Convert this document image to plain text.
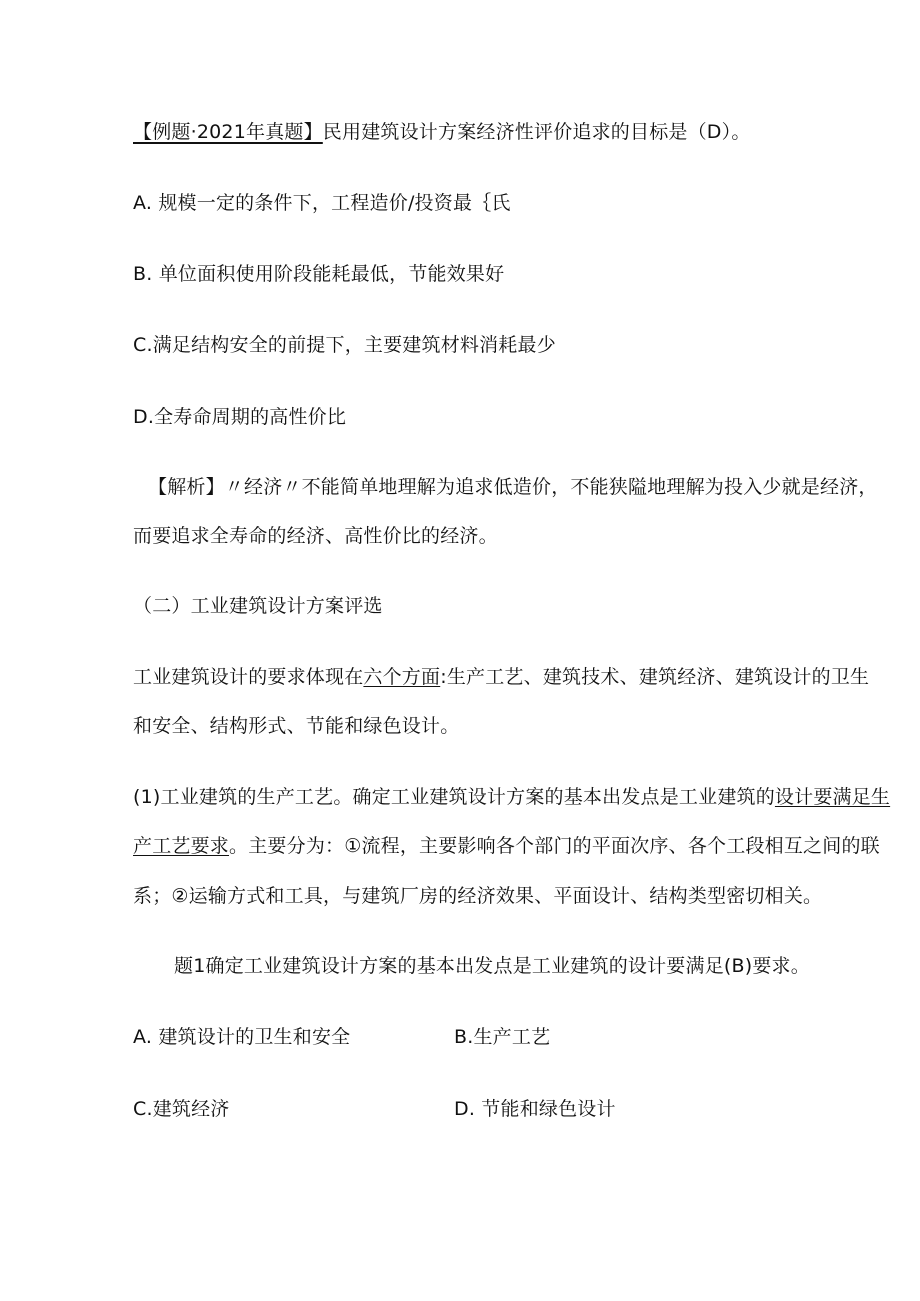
【例题·2021年真题】民用建筑设计方案经济性评价追求的目标是（D）。
A. 规模一定的条件下，工程造价/投资最｛氏
B. 单位面积使用阶段能耗最低，节能效果好
C.满足结构安全的前提下，主要建筑材料消耗最少
D.全寿命周期的高性价比
【解析】〃经济〃不能简单地理解为追求低造价，不能狭隘地理解为投入少就是经济，
而要追求全寿命的经济、高性价比的经济。
（二）工业建筑设计方案评选
工业建筑设计的要求体现在六个方面:生产工艺、建筑技术、建筑经济、建筑设计的卫生
和安全、结构形式、节能和绿色设计。
(1)工业建筑的生产工艺。确定工业建筑设计方案的基本出发点是工业建筑的设计要满足生
产工艺要求。主要分为：①流程，主要影响各个部门的平面次序、各个工段相互之间的联
系；②运输方式和工具，与建筑厂房的经济效果、平面设计、结构类型密切相关。
题1确定工业建筑设计方案的基本出发点是工业建筑的设计要满足(B)要求。
A. 建筑设计的卫生和安全	B.生产工艺
C.建筑经济	D. 节能和绿色设计
